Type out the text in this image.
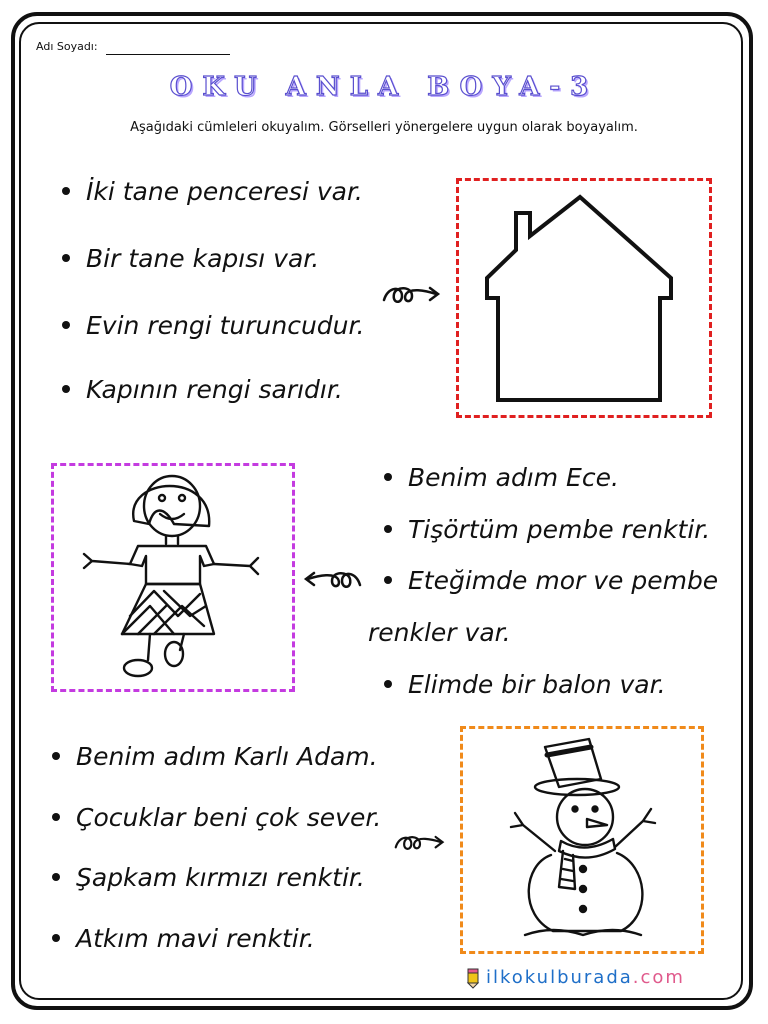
Adı Soyadı:
OKU ANLA BOYA-3
Aşağıdaki cümleleri okuyalım. Görselleri yönergelere uygun olarak boyayalım.
İki tane penceresi var.
Bir tane kapısı var.
Evin rengi turuncudur.
Kapının rengi sarıdır.
Benim adım Ece.
Tişörtüm pembe renktir.
Eteğimde mor ve pembe
renkler var.
Elimde bir balon var.
Benim adım Karlı Adam.
Çocuklar beni çok sever.
Şapkam kırmızı renktir.
Atkım mavi renktir.
ilkokulburada.com
